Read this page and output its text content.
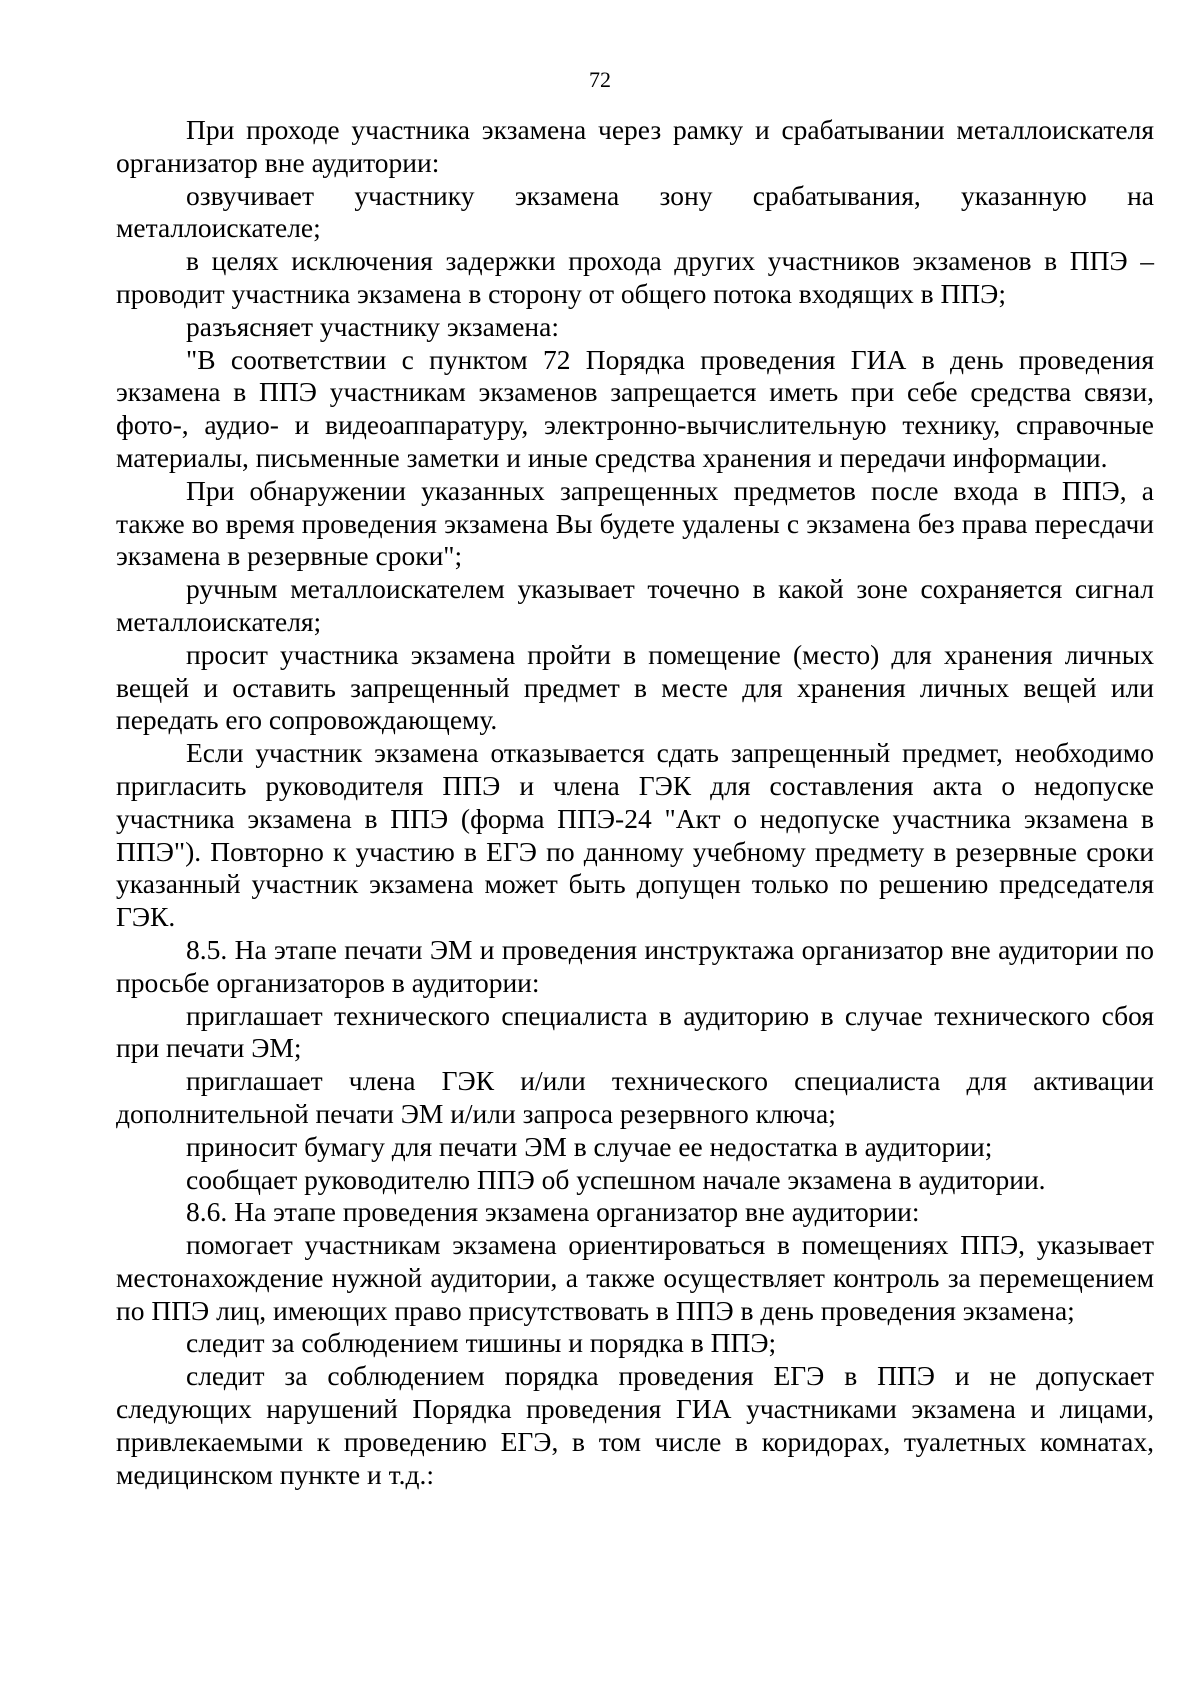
72

При проходе участника экзамена через рамку и срабатывании металлоискателя организатор вне аудитории:

озвучивает участнику экзамена зону срабатывания, указанную на металлоискателе;

в целях исключения задержки прохода других участников экзаменов в ППЭ – проводит участника экзамена в сторону от общего потока входящих в ППЭ;

разъясняет участнику экзамена:

"В соответствии с пунктом 72 Порядка проведения ГИА в день проведения экзамена в ППЭ участникам экзаменов запрещается иметь при себе средства связи, фото-, аудио- и видеоаппаратуру, электронно-вычислительную технику, справочные материалы, письменные заметки и иные средства хранения и передачи информации.

При обнаружении указанных запрещенных предметов после входа в ППЭ, а также во время проведения экзамена Вы будете удалены с экзамена без права пересдачи экзамена в резервные сроки";

ручным металлоискателем указывает точечно в какой зоне сохраняется сигнал металлоискателя;

просит участника экзамена пройти в помещение (место) для хранения личных вещей и оставить запрещенный предмет в месте для хранения личных вещей или передать его сопровождающему.

Если участник экзамена отказывается сдать запрещенный предмет, необходимо пригласить руководителя ППЭ и члена ГЭК для составления акта о недопуске участника экзамена в ППЭ (форма ППЭ-24 "Акт о недопуске участника экзамена в ППЭ"). Повторно к участию в ЕГЭ по данному учебному предмету в резервные сроки указанный участник экзамена может быть допущен только по решению председателя ГЭК.

8.5. На этапе печати ЭМ и проведения инструктажа организатор вне аудитории по просьбе организаторов в аудитории:

приглашает технического специалиста в аудиторию в случае технического сбоя при печати ЭМ;

приглашает члена ГЭК и/или технического специалиста для активации дополнительной печати ЭМ и/или запроса резервного ключа;

приносит бумагу для печати ЭМ в случае ее недостатка в аудитории;

сообщает руководителю ППЭ об успешном начале экзамена в аудитории.

8.6. На этапе проведения экзамена организатор вне аудитории:

помогает участникам экзамена ориентироваться в помещениях ППЭ, указывает местонахождение нужной аудитории, а также осуществляет контроль за перемещением по ППЭ лиц, имеющих право присутствовать в ППЭ в день проведения экзамена;

следит за соблюдением тишины и порядка в ППЭ;

следит за соблюдением порядка проведения ЕГЭ в ППЭ и не допускает следующих нарушений Порядка проведения ГИА участниками экзамена и лицами, привлекаемыми к проведению ЕГЭ, в том числе в коридорах, туалетных комнатах, медицинском пункте и т.д.:
